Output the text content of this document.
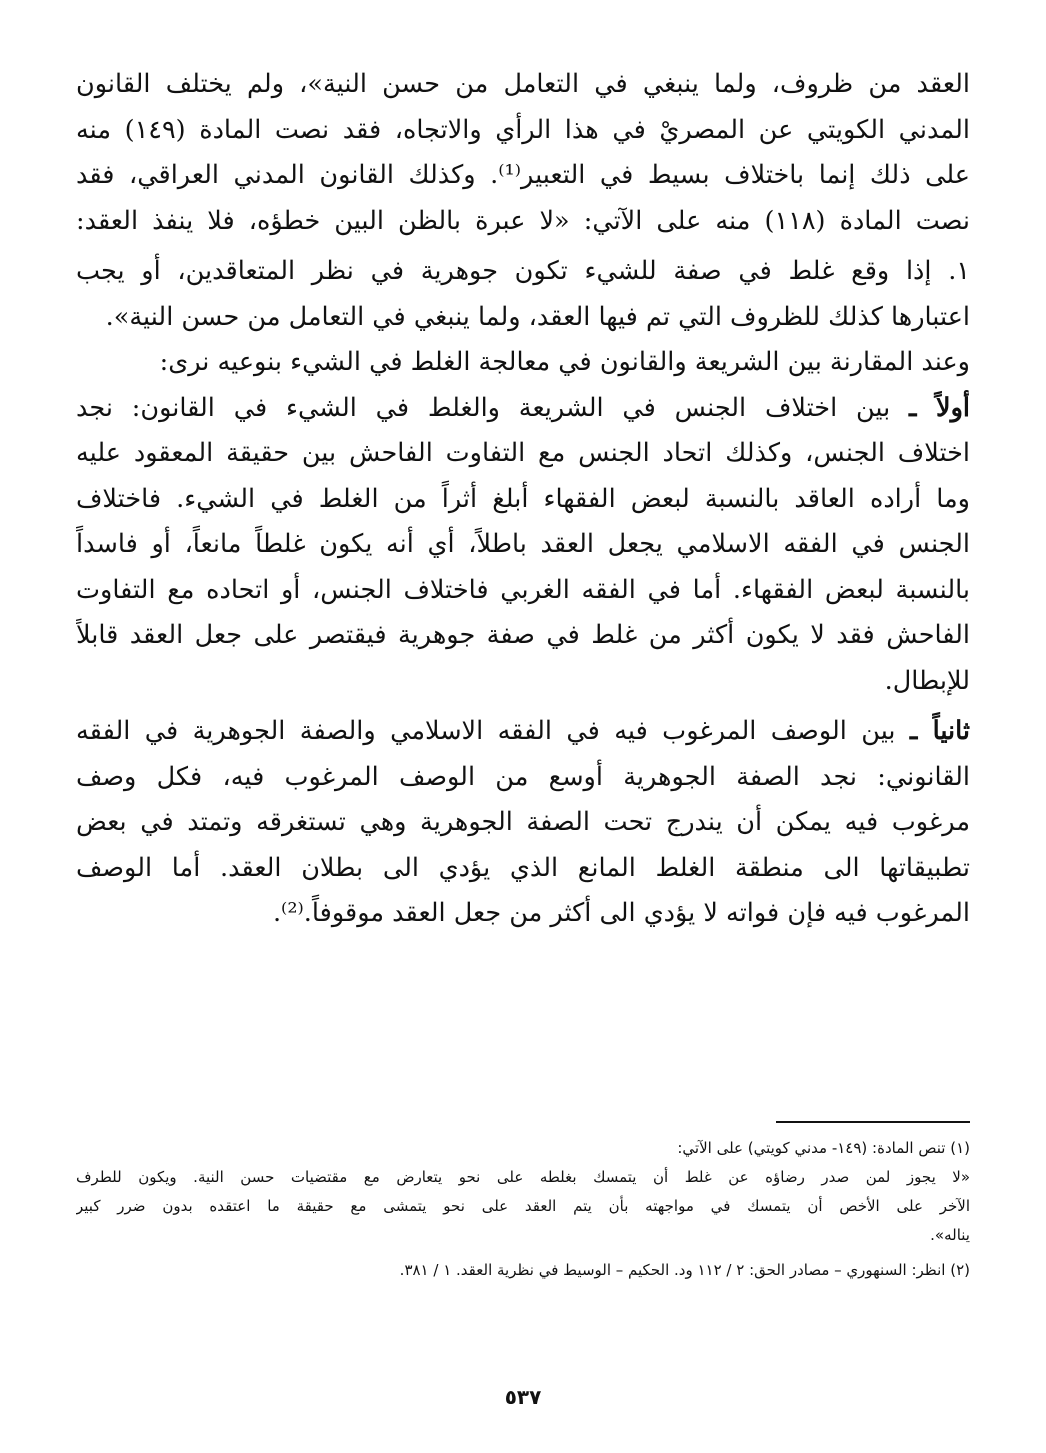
العقد من ظروف، ولما ينبغي في التعامل من حسن النية»، ولم يختلف القانون
المدني الكويتي عن المصريْ في هذا الرأي والاتجاه، فقد نصت المادة (١٤٩) منه
على ذلك إنما باختلاف بسيط في التعبير⁽¹⁾. وكذلك القانون المدني العراقي، فقد
نصت المادة (١١٨) منه على الآتي: «لا عبرة بالظن البين خطؤه، فلا ينفذ العقد:
١. إذا وقع غلط في صفة للشيء تكون جوهرية في نظر المتعاقدين، أو يجب
اعتبارها كذلك للظروف التي تم فيها العقد، ولما ينبغي في التعامل من حسن النية».
وعند المقارنة بين الشريعة والقانون في معالجة الغلط في الشيء بنوعيه نرى:
أولاً ـ بين اختلاف الجنس في الشريعة والغلط في الشيء في القانون: نجد
اختلاف الجنس، وكذلك اتحاد الجنس مع التفاوت الفاحش بين حقيقة المعقود عليه
وما أراده العاقد بالنسبة لبعض الفقهاء أبلغ أثراً من الغلط في الشيء. فاختلاف
الجنس في الفقه الاسلامي يجعل العقد باطلاً، أي أنه يكون غلطاً مانعاً، أو فاسداً
بالنسبة لبعض الفقهاء. أما في الفقه الغربي فاختلاف الجنس، أو اتحاده مع التفاوت
الفاحش فقد لا يكون أكثر من غلط في صفة جوهرية فيقتصر على جعل العقد قابلاً
للإبطال.
ثانياً ـ بين الوصف المرغوب فيه في الفقه الاسلامي والصفة الجوهرية في الفقه
القانوني: نجد الصفة الجوهرية أوسع من الوصف المرغوب فيه، فكل وصف
مرغوب فيه يمكن أن يندرج تحت الصفة الجوهرية وهي تستغرقه وتمتد في بعض
تطبيقاتها الى منطقة الغلط المانع الذي يؤدي الى بطلان العقد. أما الوصف
المرغوب فيه فإن فواته لا يؤدي الى أكثر من جعل العقد موقوفاً.⁽²⁾.
(١) تنص المادة: (١٤٩- مدني كويتي) على الآتي:
«لا يجوز لمن صدر رضاؤه عن غلط أن يتمسك بغلطه على نحو يتعارض مع مقتضيات حسن النية. ويكون للطرف
الآخر على الأخص أن يتمسك في مواجهته بأن يتم العقد على نحو يتمشى مع حقيقة ما اعتقده بدون ضرر كبير
يناله».
(٢) انظر: السنهوري – مصادر الحق: ٢ / ١١٢ ود. الحكيم – الوسيط في نظرية العقد. ١ / ٣٨١.
٥٣٧
